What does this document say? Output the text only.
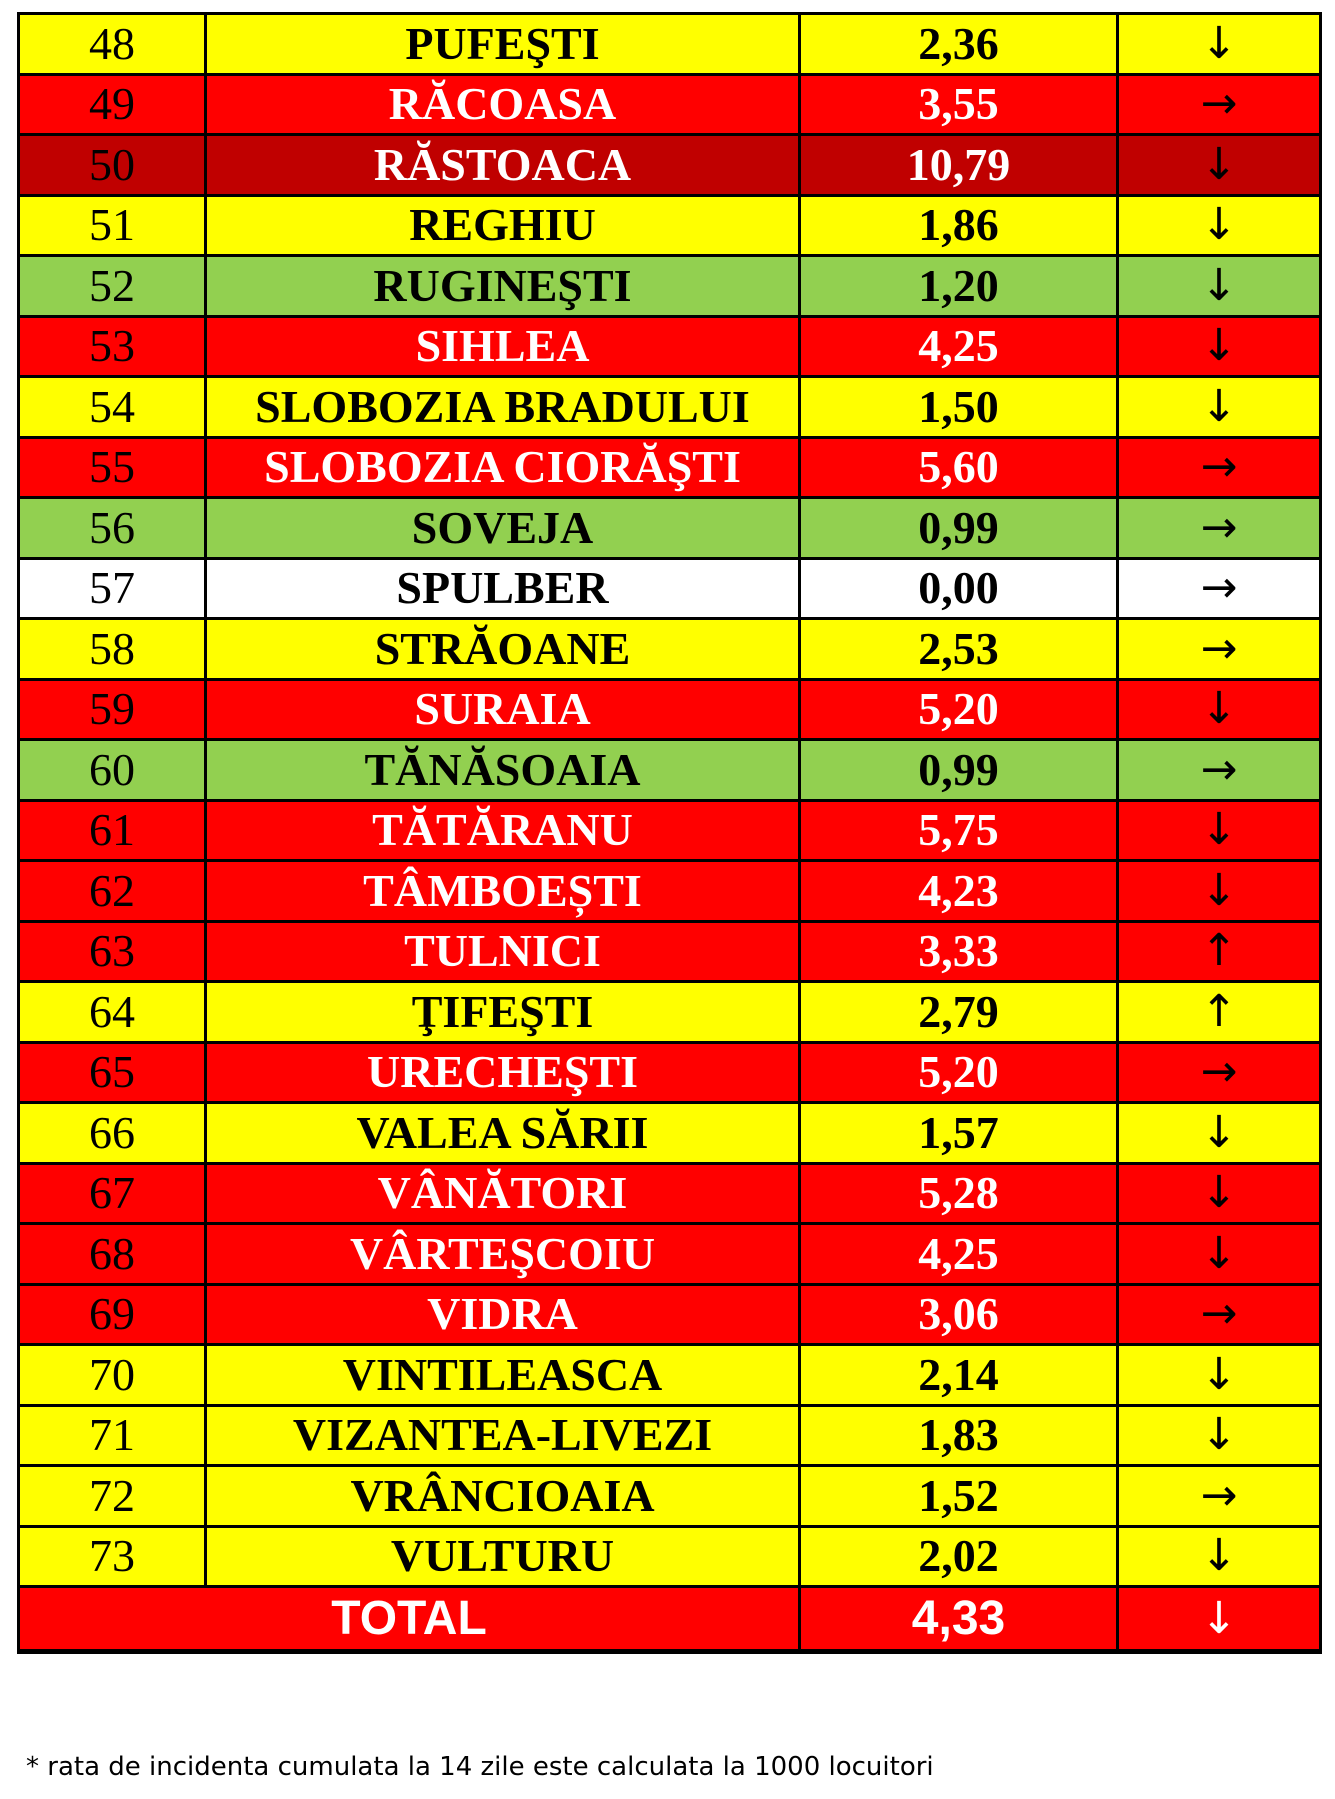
48	PUFEŞTI	2,36	↓
49	RĂCOASA	3,55	→
50	RĂSTOACA	10,79	↓
51	REGHIU	1,86	↓
52	RUGINEŞTI	1,20	↓
53	SIHLEA	4,25	↓
54	SLOBOZIA BRADULUI	1,50	↓
55	SLOBOZIA CIORĂŞTI	5,60	→
56	SOVEJA	0,99	→
57	SPULBER	0,00	→
58	STRĂOANE	2,53	→
59	SURAIA	5,20	↓
60	TĂNĂSOAIA	0,99	→
61	TĂTĂRANU	5,75	↓
62	TÂMBOEȘTI	4,23	↓
63	TULNICI	3,33	↑
64	ŢIFEŞTI	2,79	↑
65	URECHEŞTI	5,20	→
66	VALEA SĂRII	1,57	↓
67	VÂNĂTORI	5,28	↓
68	VÂRTEŞCOIU	4,25	↓
69	VIDRA	3,06	→
70	VINTILEASCA	2,14	↓
71	VIZANTEA-LIVEZI	1,83	↓
72	VRÂNCIOAIA	1,52	→
73	VULTURU	2,02	↓
TOTAL		4,33	↓
* rata de incidenta cumulata la 14 zile este calculata la 1000 locuitori
